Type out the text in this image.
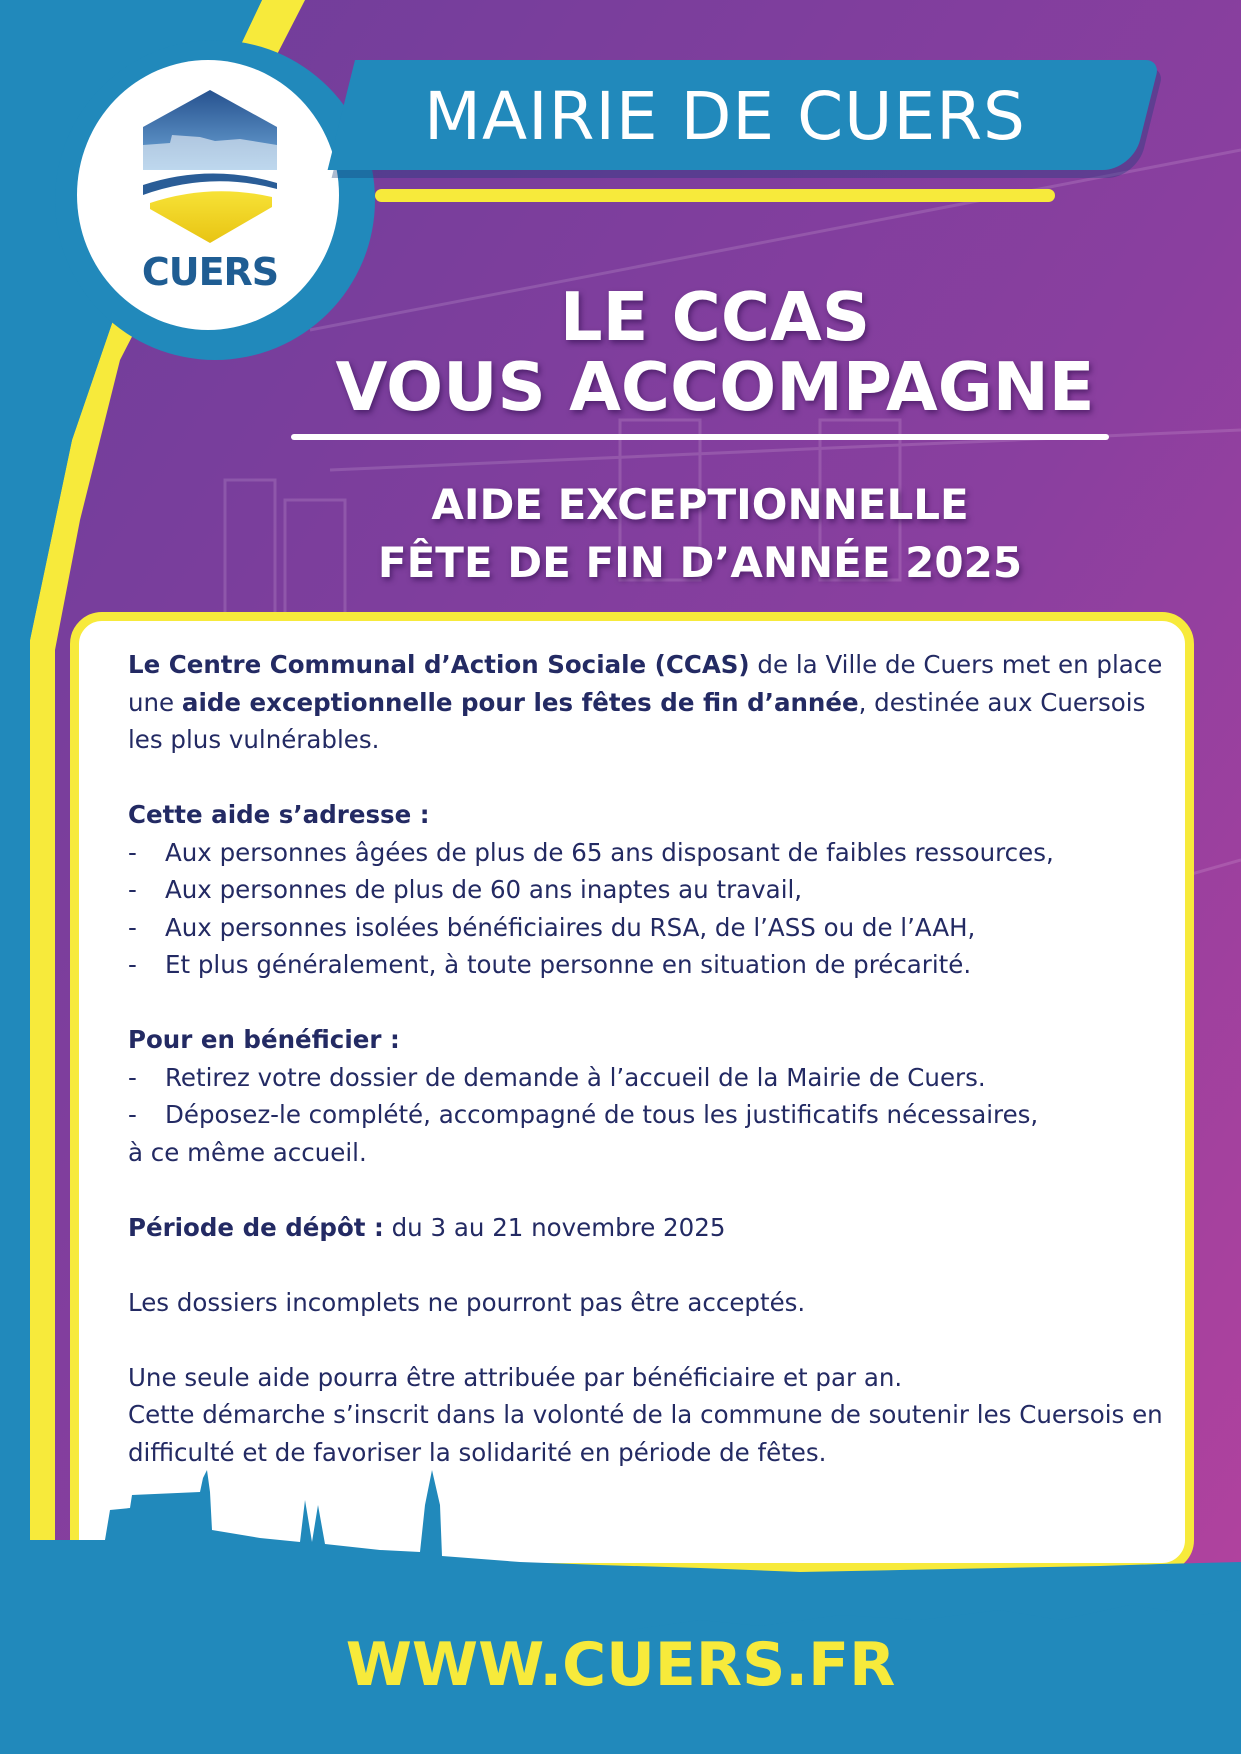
CUERS
MAIRIE DE CUERS
LE CCAS
VOUS ACCOMPAGNE
AIDE EXCEPTIONNELLE
FÊTE DE FIN D’ANNÉE 2025

Le Centre Communal d’Action Sociale (CCAS) de la Ville de Cuers met en place une aide exceptionnelle pour les fêtes de fin d’année, destinée aux Cuersois les plus vulnérables.

Cette aide s’adresse :

- Aux personnes âgées de plus de 65 ans disposant de faibles ressources,

- Aux personnes de plus de 60 ans inaptes au travail,

- Aux personnes isolées bénéficiaires du RSA, de l’ASS ou de l’AAH,

- Et plus généralement, à toute personne en situation de précarité.

Pour en bénéficier :

- Retirez votre dossier de demande à l’accueil de la Mairie de Cuers.

- Déposez-le complété, accompagné de tous les justificatifs nécessaires,

à ce même accueil.

Période de dépôt : du 3 au 21 novembre 2025

Les dossiers incomplets ne pourront pas être acceptés.

Une seule aide pourra être attribuée par bénéficiaire et par an.

Cette démarche s’inscrit dans la volonté de la commune de soutenir les Cuersois en difficulté et de favoriser la solidarité en période de fêtes.

WWW.CUERS.FR
